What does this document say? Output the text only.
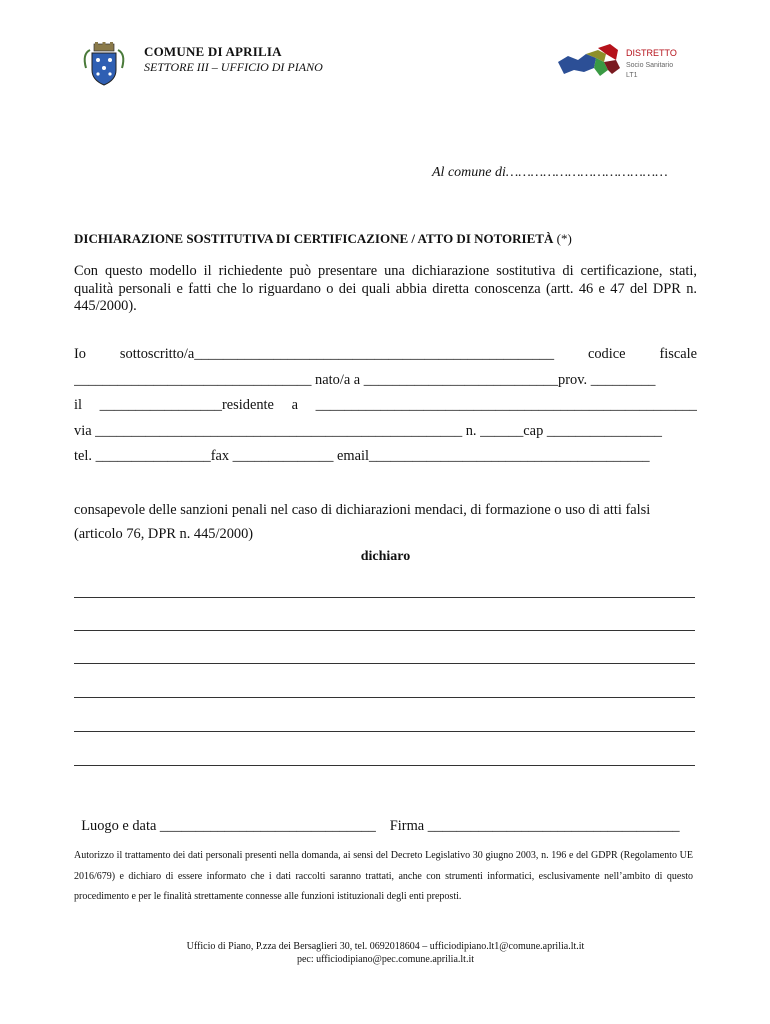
COMUNE DI APRILIA
SETTORE III – UFFICIO DI PIANO
DISTRETTO
Socio Sanitario
LT1
Al comune di…………………………………
DICHIARAZIONE SOSTITUTIVA DI CERTIFICAZIONE / ATTO DI NOTORIETÀ (*)
Con questo modello il richiedente può presentare una dichiarazione sostitutiva di certificazione, stati, qualità personali e fatti che lo riguardano o dei quali abbia diretta conoscenza (artt. 46 e 47 del DPR n. 445/2000).
Io sottoscritto/a__________________________________________________ codice fiscale
_________________________________ nato/a a ___________________________prov. _________
il _________________residente a _____________________________________________________
via ___________________________________________________ n. ______cap ________________
tel. ________________fax ______________ email_______________________________________
consapevole delle sanzioni penali nel caso di dichiarazioni mendaci, di formazione o uso di atti falsi (articolo 76, DPR n. 445/2000)
dichiaro

Luogo e data ______________________________ Firma ___________________________________

Autorizzo il trattamento dei dati personali presenti nella domanda, ai sensi del Decreto Legislativo 30 giugno 2003, n. 196 e del GDPR (Regolamento UE 2016/679) e dichiaro di essere informato che i dati raccolti saranno trattati, anche con strumenti informatici, esclusivamente nell’ambito di questo procedimento e per le finalità strettamente connesse alle funzioni istituzionali degli enti preposti.
Ufficio di Piano, P.zza dei Bersaglieri 30, tel. 0692018604 – ufficiodipiano.lt1@comune.aprilia.lt.it
pec: ufficiodipiano@pec.comune.aprilia.lt.it
